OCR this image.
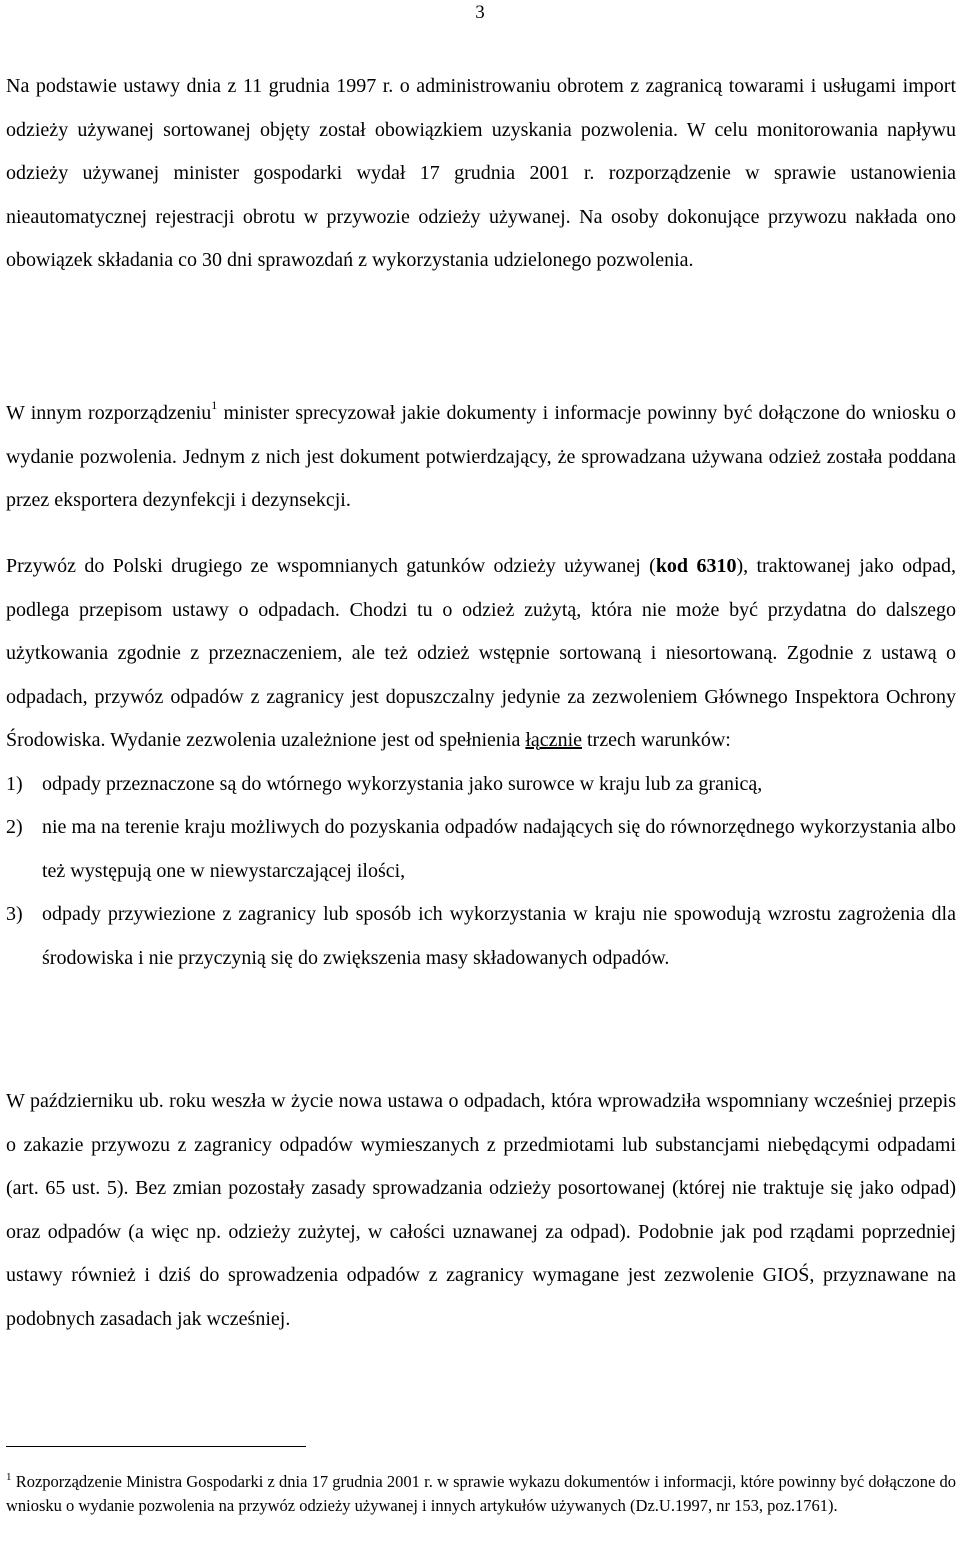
3

Na podstawie ustawy dnia z 11 grudnia 1997 r. o administrowaniu obrotem z zagranicą towarami i usługami import odzieży używanej sortowanej objęty został obowiązkiem uzyskania pozwolenia. W celu monitorowania napływu odzieży używanej minister gospodarki wydał 17 grudnia 2001 r. rozporządzenie w sprawie ustanowienia nieautomatycznej rejestracji obrotu w przywozie odzieży używanej. Na osoby dokonujące przywozu nakłada ono obowiązek składania co 30 dni sprawozdań z wykorzystania udzielonego pozwolenia.

W innym rozporządzeniu$^1$ minister sprecyzował jakie dokumenty i informacje powinny być dołączone do wniosku o wydanie pozwolenia. Jednym z nich jest dokument potwierdzający, że sprowadzana używana odzież została poddana przez eksportera dezynfekcji i dezynsekcji.

Przywóz do Polski drugiego ze wspomnianych gatunków odzieży używanej (kod 6310), traktowanej jako odpad, podlega przepisom ustawy o odpadach. Chodzi tu o odzież zużytą, która nie może być przydatna do dalszego użytkowania zgodnie z przeznaczeniem, ale też odzież wstępnie sortowaną i niesortowaną. Zgodnie z ustawą o odpadach, przywóz odpadów z zagranicy jest dopuszczalny jedynie za zezwoleniem Głównego Inspektora Ochrony Środowiska. Wydanie zezwolenia uzależnione jest od spełnienia łącznie trzech warunków:

1) odpady przeznaczone są do wtórnego wykorzystania jako surowce w kraju lub za granicą,
2) nie ma na terenie kraju możliwych do pozyskania odpadów nadających się do równorzędnego wykorzystania albo też występują one w niewystarczającej ilości,
3) odpady przywiezione z zagranicy lub sposób ich wykorzystania w kraju nie spowodują wzrostu zagrożenia dla środowiska i nie przyczynią się do zwiększenia masy składowanych odpadów.

W październiku ub. roku weszła w życie nowa ustawa o odpadach, która wprowadziła wspomniany wcześniej przepis o zakazie przywozu z zagranicy odpadów wymieszanych z przedmiotami lub substancjami niebędącymi odpadami (art. 65 ust. 5). Bez zmian pozostały zasady sprowadzania odzieży posortowanej (której nie traktuje się jako odpad) oraz odpadów (a więc np. odzieży zużytej, w całości uznawanej za odpad). Podobnie jak pod rządami poprzedniej ustawy również i dziś do sprowadzenia odpadów z zagranicy wymagane jest zezwolenie GIOŚ, przyznawane na podobnych zasadach jak wcześniej.

$^1$ Rozporządzenie Ministra Gospodarki z dnia 17 grudnia 2001 r. w sprawie wykazu dokumentów i informacji, które powinny być dołączone do wniosku o wydanie pozwolenia na przywóz odzieży używanej i innych artykułów używanych (Dz.U.1997, nr 153, poz.1761).
